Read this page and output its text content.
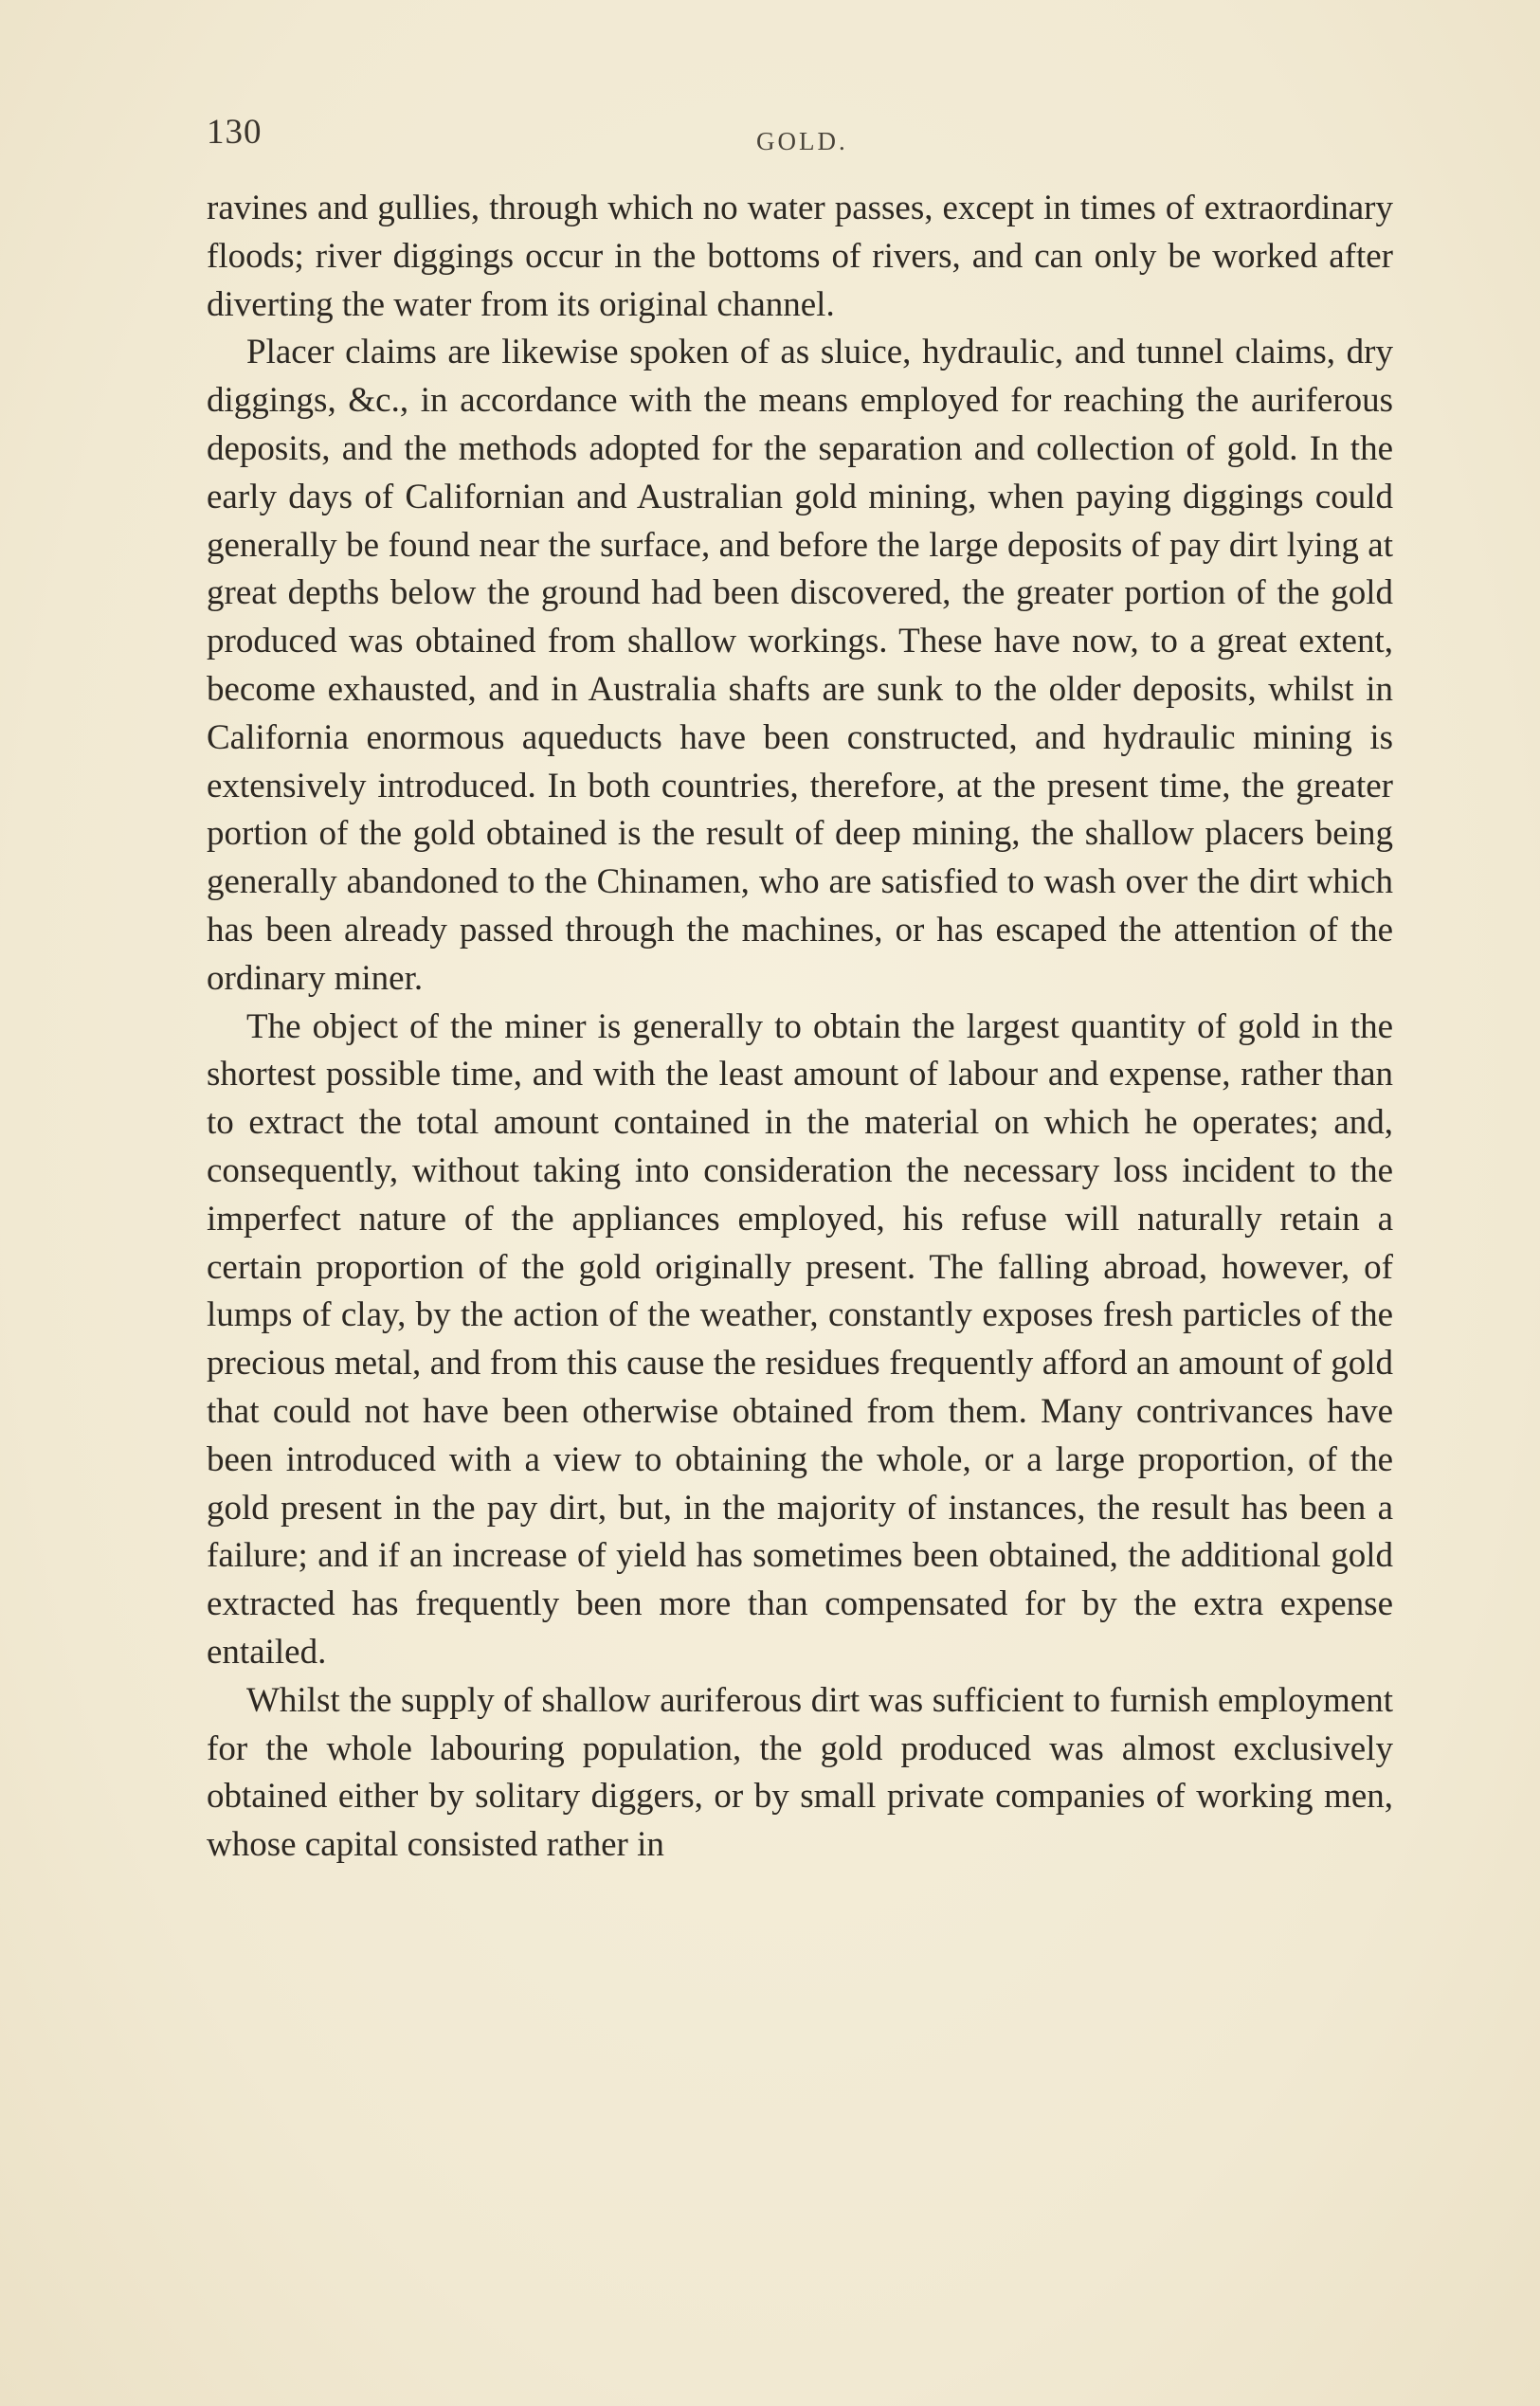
130	GOLD.

ravines and gullies, through which no water passes, except in times of extraordinary floods; river diggings occur in the bottoms of rivers, and can only be worked after diverting the water from its original channel.

Placer claims are likewise spoken of as sluice, hydraulic, and tunnel claims, dry diggings, &c., in accordance with the means employed for reaching the auriferous deposits, and the methods adopted for the separation and collection of gold. In the early days of Californian and Australian gold mining, when paying diggings could generally be found near the surface, and before the large deposits of pay dirt lying at great depths below the ground had been discovered, the greater portion of the gold produced was obtained from shallow workings. These have now, to a great extent, become exhausted, and in Australia shafts are sunk to the older deposits, whilst in California enormous aqueducts have been constructed, and hydraulic mining is extensively introduced. In both countries, therefore, at the present time, the greater portion of the gold obtained is the result of deep mining, the shallow placers being generally abandoned to the Chinamen, who are satisfied to wash over the dirt which has been already passed through the machines, or has escaped the attention of the ordinary miner.

The object of the miner is generally to obtain the largest quantity of gold in the shortest possible time, and with the least amount of labour and expense, rather than to extract the total amount contained in the material on which he operates; and, consequently, without taking into consideration the necessary loss incident to the imperfect nature of the appliances employed, his refuse will naturally retain a certain proportion of the gold originally present. The falling abroad, however, of lumps of clay, by the action of the weather, constantly exposes fresh particles of the precious metal, and from this cause the residues frequently afford an amount of gold that could not have been otherwise obtained from them. Many contrivances have been introduced with a view to obtaining the whole, or a large proportion, of the gold present in the pay dirt, but, in the majority of instances, the result has been a failure; and if an increase of yield has sometimes been obtained, the additional gold extracted has frequently been more than compensated for by the extra expense entailed.

Whilst the supply of shallow auriferous dirt was sufficient to furnish employment for the whole labouring population, the gold produced was almost exclusively obtained either by solitary diggers, or by small private companies of working men, whose capital consisted rather in
